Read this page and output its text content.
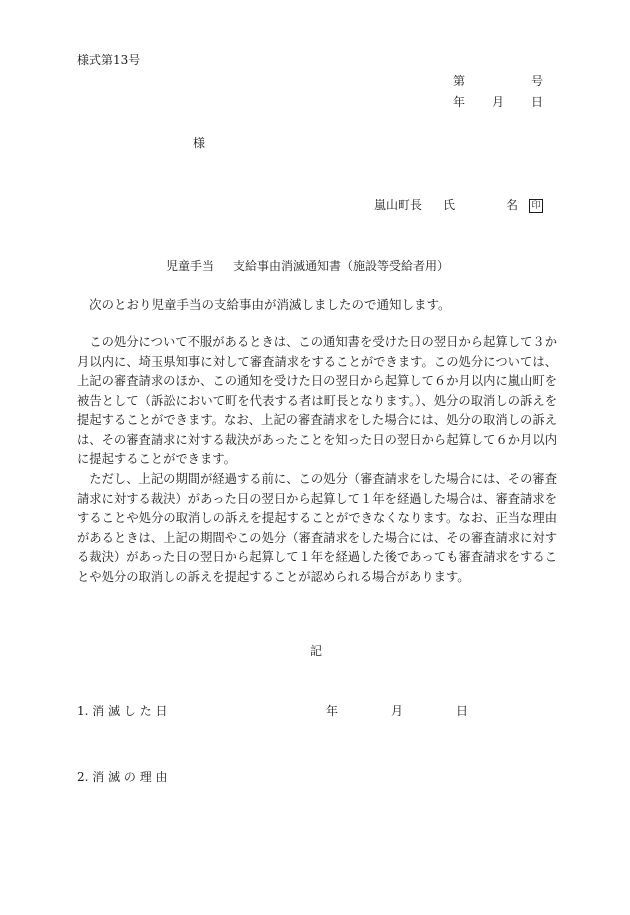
様式第13号
第	号
年 月 日
様
嵐山町長 氏	名	印
児童手当 支給事由消滅通知書（施設等受給者用）
次のとおり児童手当の支給事由が消滅しましたので通知します。
この処分について不服があるときは、この通知書を受けた日の翌日から起算して３か月以内に、埼玉県知事に対して審査請求をすることができます。この処分については、上記の審査請求のほか、この通知を受けた日の翌日から起算して６か月以内に嵐山町を被告として（訴訟において町を代表する者は町長となります。）、処分の取消しの訴えを提起することができます。なお、上記の審査請求をした場合には、処分の取消しの訴えは、その審査請求に対する裁決があったことを知った日の翌日から起算して６か月以内に提起することができます。
ただし、上記の期間が経過する前に、この処分（審査請求をした場合には、その審査請求に対する裁決）があった日の翌日から起算して１年を経過した場合は、審査請求をすることや処分の取消しの訴えを提起することができなくなります。なお、正当な理由があるときは、上記の期間やこの処分（審査請求をした場合には、その審査請求に対する裁決）があった日の翌日から起算して１年を経過した後であっても審査請求をすることや処分の取消しの訴えを提起することが認められる場合があります。
記
1. 消 滅 し た 日	年	月	日
2. 消 滅 の 理 由
